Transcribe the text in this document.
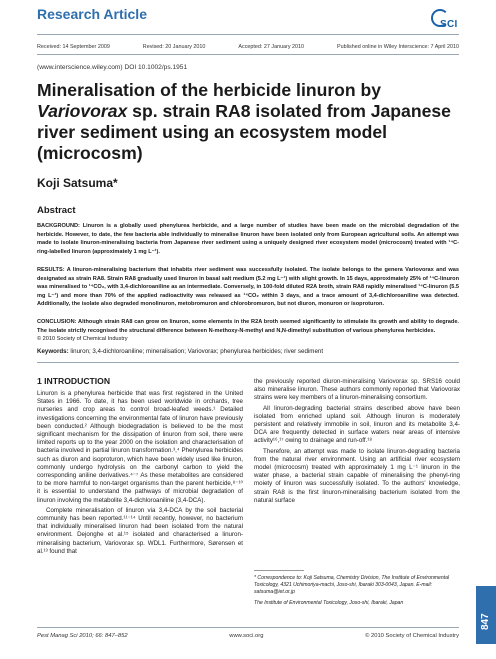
Research Article
SCI
Received: 14 September 2009	Revised: 20 January 2010	Accepted: 27 January 2010	Published online in Wiley Interscience: 7 April 2010
(www.interscience.wiley.com) DOI 10.1002/ps.1951
Mineralisation of the herbicide linuron by Variovorax sp. strain RA8 isolated from Japanese river sediment using an ecosystem model (microcosm)
Koji Satsuma*
Abstract
BACKGROUND: Linuron is a globally used phenylurea herbicide, and a large number of studies have been made on the microbial degradation of the herbicide. However, to date, the few bacteria able individually to mineralise linuron have been isolated only from European agricultural soils. An attempt was made to isolate linuron-mineralising bacteria from Japanese river sediment using a uniquely designed river ecosystem model (microcosm) treated with ¹⁴C-ring-labelled linuron (approximately 1 mg L⁻¹).
RESULTS: A linuron-mineralising bacterium that inhabits river sediment was successfully isolated. The isolate belongs to the genera Variovorax and was designated as strain RA8. Strain RA8 gradually used linuron in basal salt medium (5.2 mg L⁻¹) with slight growth. In 15 days, approximately 25% of ¹⁴C-linuron was mineralised to ¹⁴CO₂, with 3,4-dichloroaniline as an intermediate. Conversely, in 100-fold diluted R2A broth, strain RA8 rapidly mineralised ¹⁴C-linuron (5.5 mg L⁻¹) and more than 70% of the applied radioactivity was released as ¹⁴CO₂ within 3 days, and a trace amount of 3,4-dichloroaniline was detected. Additionally, the isolate also degraded monolinuron, metobromuron and chlorobromuron, but not diuron, monuron or isoproturon.
CONCLUSION: Although strain RA8 can grow on linuron, some elements in the R2A broth seemed significantly to stimulate its growth and ability to degrade. The isolate strictly recognised the structural difference between N-methoxy-N-methyl and N,N-dimethyl substitution of various phenylurea herbicides.
© 2010 Society of Chemical Industry
Keywords: linuron; 3,4-dichloroaniline; mineralisation; Variovorax; phenylurea herbicides; river sediment
1 INTRODUCTION

Linuron is a phenylurea herbicide that was first registered in the United States in 1966. To date, it has been used worldwide in orchards, tree nurseries and crop areas to control broad-leafed weeds.¹ Detailed investigations concerning the environmental fate of linuron have previously been conducted.² Although biodegradation is believed to be the most significant mechanism for the dissipation of linuron from soil, there were limited reports up to the year 2000 on the isolation and characterisation of bacteria involved in partial linuron transformation.³,⁴ Phenylurea herbicides such as diuron and isoproturon, which have been widely used like linuron, commonly undergo hydrolysis on the carbonyl carbon to yield the corresponding aniline derivatives.⁴⁻⁷ As these metabolites are considered to be more harmful to non-target organisms than the parent herbicide,⁸⁻¹⁰ it is essential to understand the pathways of microbial degradation of linuron involving the metabolite 3,4-dichloroaniline (3,4-DCA).

Complete mineralisation of linuron via 3,4-DCA by the soil bacterial community has been reported.¹¹⁻¹⁴ Until recently, however, no bacterium that individually mineralised linuron had been isolated from the natural environment. Dejonghe et al.¹⁵ isolated and characterised a linuron-mineralising bacterium, Variovorax sp. WDL1. Furthermore, Sørensen et al.¹³ found that

the previously reported diuron-mineralising Variovorax sp. SRS16 could also mineralise linuron. These authors commonly reported that Variovorax strains were key members of a linuron-mineralising consortium.

All linuron-degrading bacterial strains described above have been isolated from enriched upland soil. Although linuron is moderately persistent and relatively immobile in soil, linuron and its metabolite 3,4-DCA are frequently detected in surface waters near areas of intensive activity¹⁶,¹⁷ owing to drainage and run-off.¹⁸

Therefore, an attempt was made to isolate linuron-degrading bacteria from the natural river environment. Using an artificial river ecosystem model (microcosm) treated with approximately 1 mg L⁻¹ linuron in the water phase, a bacterial strain capable of mineralising the phenyl-ring moiety of linuron was successfully isolated. To the authors' knowledge, strain RA8 is the first linuron-mineralising bacterium isolated from the natural surface

* Correspondence to: Koji Satsuma, Chemistry Division, The Institute of Environmental Toxicology, 4321 Uchimoriya-machi, Joso-shi, Ibaraki 303-0043, Japan. E-mail: satsuma@iet.or.jp

The Institute of Environmental Toxicology, Joso-shi, Ibaraki, Japan

Pest Manag Sci 2010; 66: 847–852	www.soci.org	© 2010 Society of Chemical Industry
847
